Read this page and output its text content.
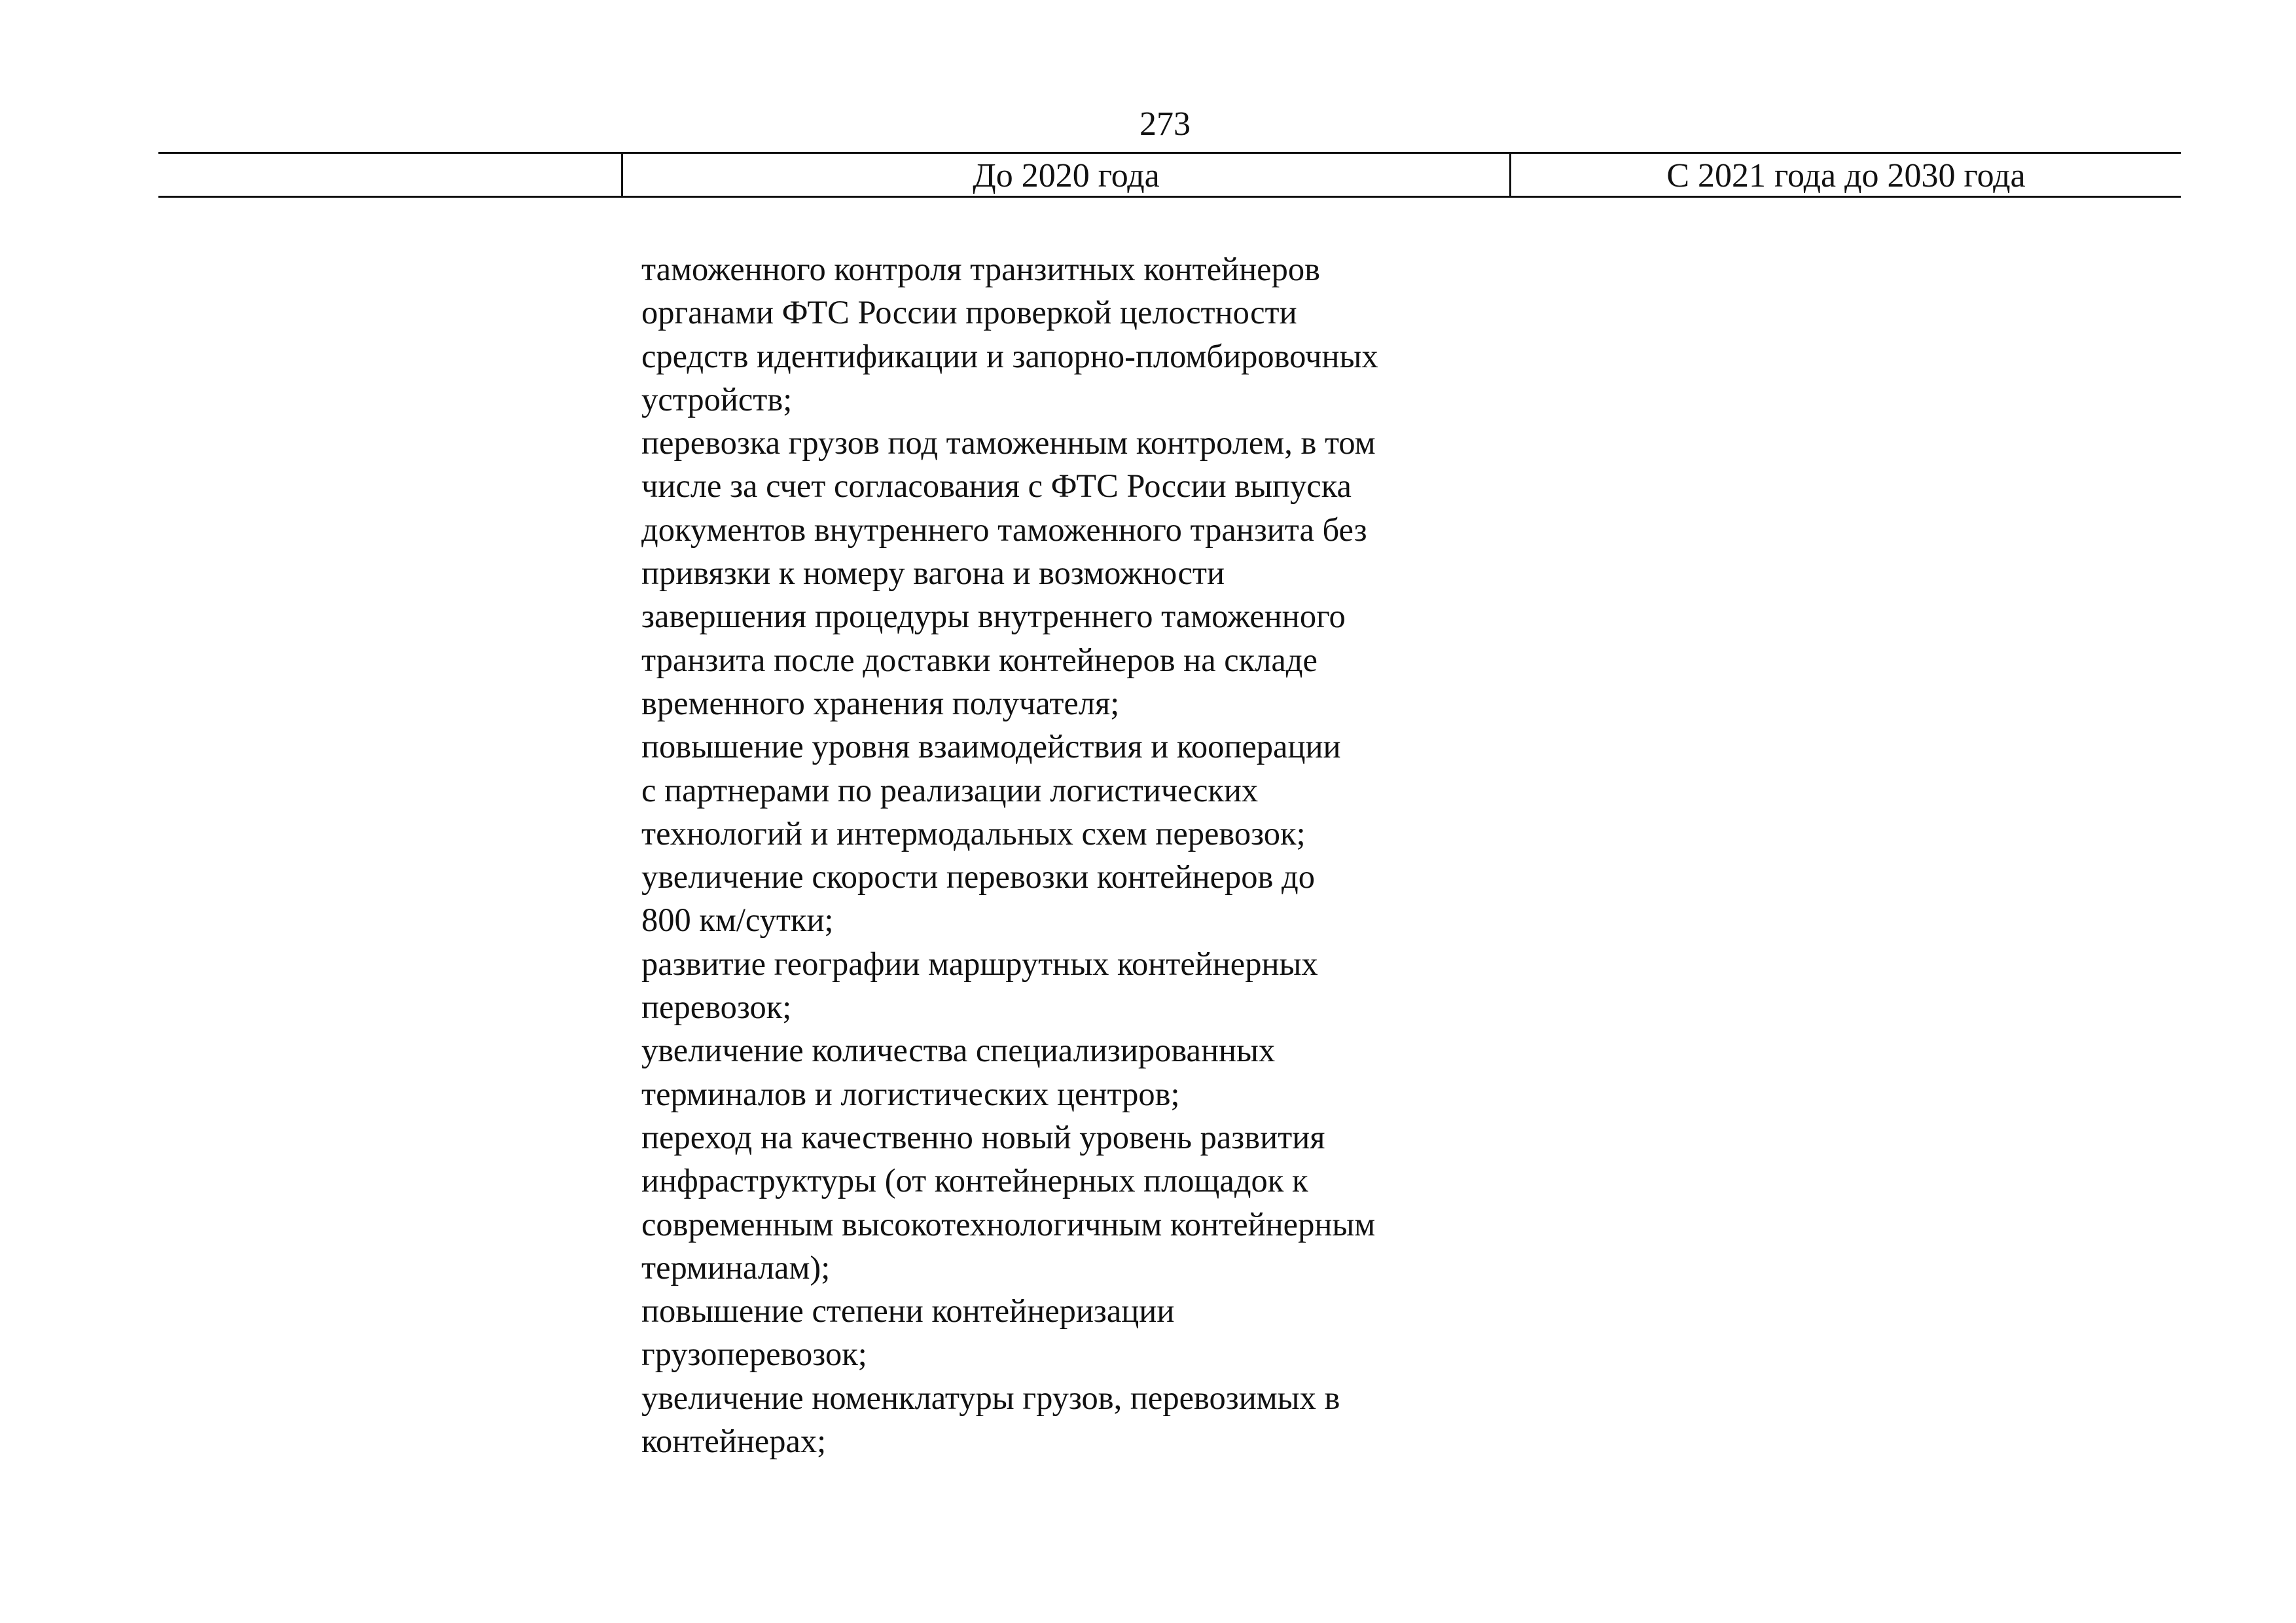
273
До 2020 года	С 2021 года до 2030 года
таможенного контроля транзитных контейнеров
органами ФТС России проверкой целостности
средств идентификации и запорно-пломбировочных
устройств;
перевозка грузов под таможенным контролем, в том
числе за счет согласования с ФТС России выпуска
документов внутреннего таможенного транзита без
привязки к номеру вагона и возможности
завершения процедуры внутреннего таможенного
транзита после доставки контейнеров на складе
временного хранения получателя;
повышение уровня взаимодействия и кооперации
с партнерами по реализации логистических
технологий и интермодальных схем перевозок;
увеличение скорости перевозки контейнеров до
800 км/сутки;
развитие географии маршрутных контейнерных
перевозок;
увеличение количества специализированных
терминалов и логистических центров;
переход на качественно новый уровень развития
инфраструктуры (от контейнерных площадок к
современным высокотехнологичным контейнерным
терминалам);
повышение степени контейнеризации
грузоперевозок;
увеличение номенклатуры грузов, перевозимых в
контейнерах;
